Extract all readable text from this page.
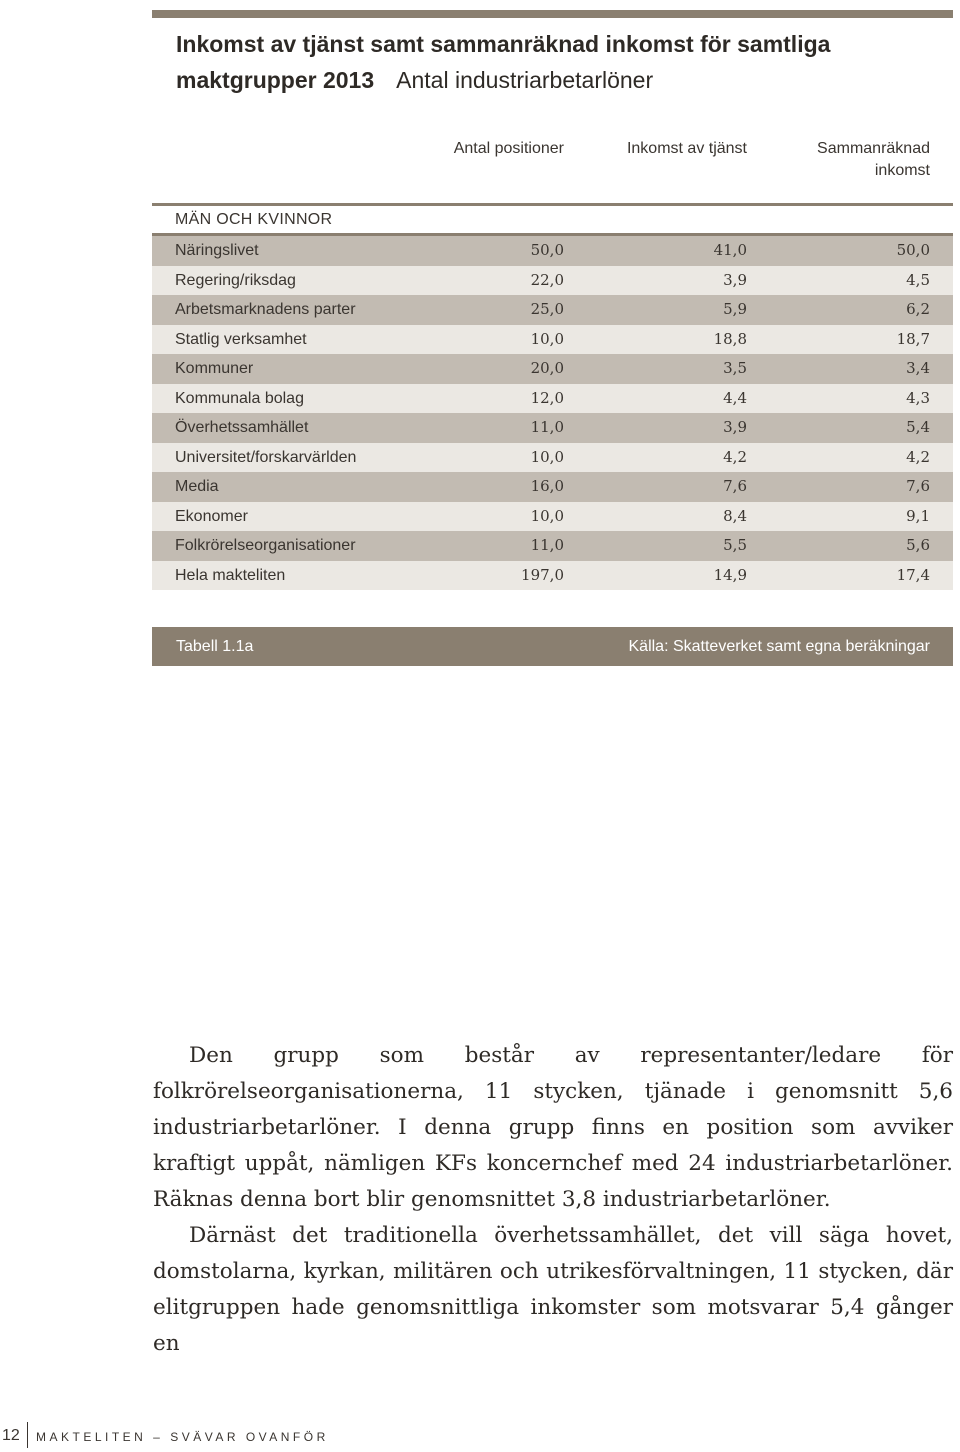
Inkomst av tjänst samt sammanräknad inkomst för samtliga
maktgrupper 2013 Antal industriarbetarlöner
Antal positioner	Inkomst av tjänst	Sammanräknad
inkomst
MÄN OCH KVINNOR
Näringslivet	50,0	41,0	50,0
Regering/riksdag	22,0	3,9	4,5
Arbetsmarknadens parter	25,0	5,9	6,2
Statlig verksamhet	10,0	18,8	18,7
Kommuner	20,0	3,5	3,4
Kommunala bolag	12,0	4,4	4,3
Överhetssamhället	11,0	3,9	5,4
Universitet/forskarvärlden	10,0	4,2	4,2
Media	16,0	7,6	7,6
Ekonomer	10,0	8,4	9,1
Folkrörelseorganisationer	11,0	5,5	5,6
Hela makteliten	197,0	14,9	17,4
Tabell 1.1a	Källa: Skatteverket samt egna beräkningar

Den grupp som består av representanter/ledare för folkrörelseorganisationerna, 11 stycken, tjänade i genomsnitt 5,6 industriarbetarlöner. I denna grupp finns en position som avviker kraftigt uppåt, nämligen KFs koncernchef med 24 industriarbetarlöner. Räknas denna bort blir genomsnittet 3,8 industriarbetarlöner.

Därnäst det traditionella överhetssamhället, det vill säga hovet, domstolarna, kyrkan, militären och utrikesförvaltningen, 11 stycken, där elitgruppen hade genomsnittliga inkomster som motsvarar 5,4 gånger en

12 MAKTELITEN – SVÄVAR OVANFÖR
